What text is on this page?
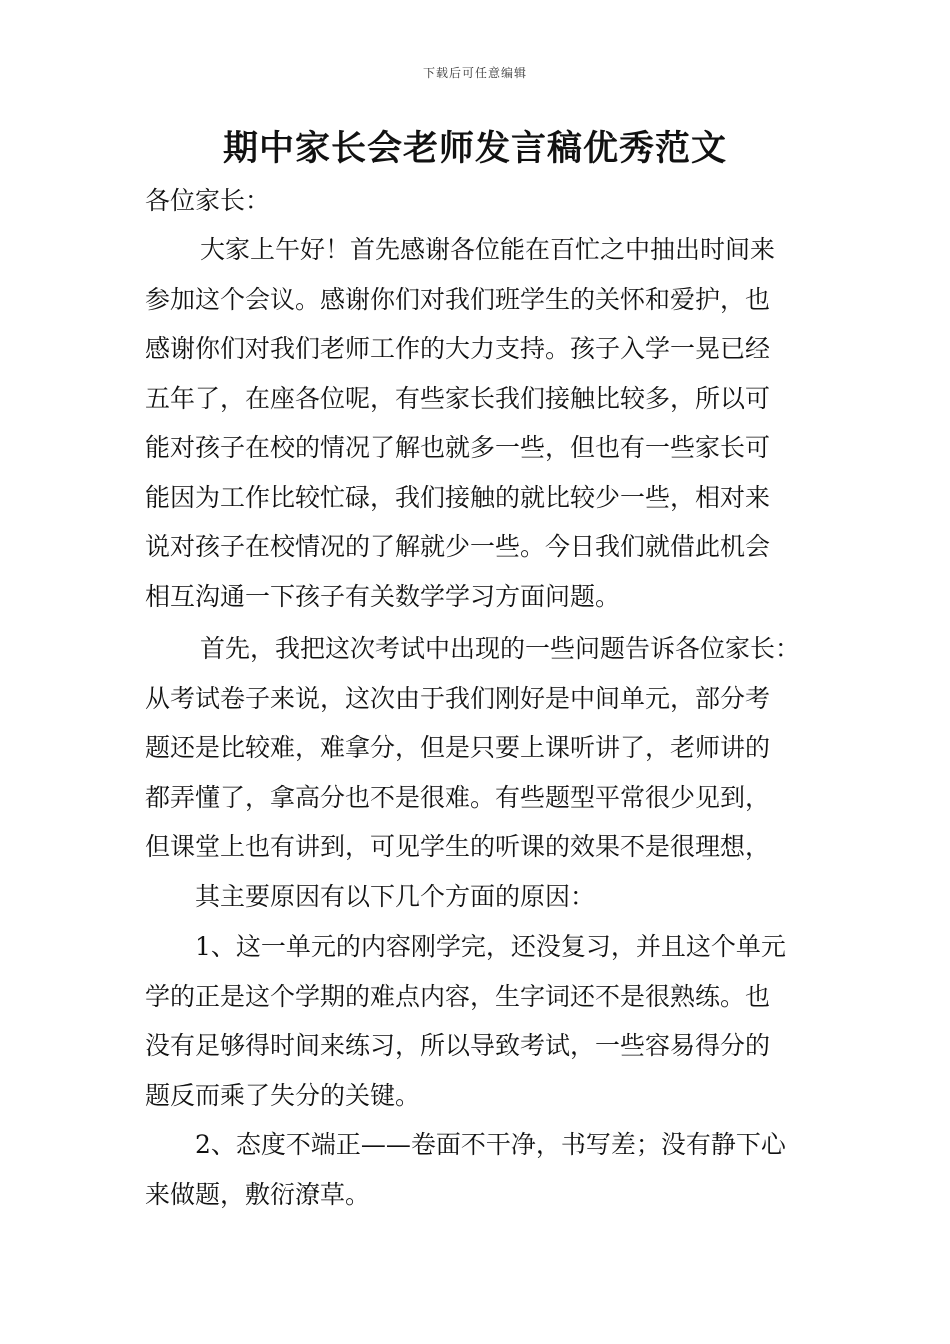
下载后可任意编辑
期中家长会老师发言稿优秀范文
各位家长：
大家上午好！首先感谢各位能在百忙之中抽出时间来
参加这个会议。感谢你们对我们班学生的关怀和爱护，也
感谢你们对我们老师工作的大力支持。孩子入学一晃已经
五年了，在座各位呢，有些家长我们接触比较多，所以可
能对孩子在校的情况了解也就多一些，但也有一些家长可
能因为工作比较忙碌，我们接触的就比较少一些，相对来
说对孩子在校情况的了解就少一些。今日我们就借此机会
相互沟通一下孩子有关数学学习方面问题。
首先，我把这次考试中出现的一些问题告诉各位家长：
从考试卷子来说，这次由于我们刚好是中间单元，部分考
题还是比较难，难拿分，但是只要上课听讲了，老师讲的
都弄懂了，拿高分也不是很难。有些题型平常很少见到，
但课堂上也有讲到，可见学生的听课的效果不是很理想，
其主要原因有以下几个方面的原因：
1、这一单元的内容刚学完，还没复习，并且这个单元
学的正是这个学期的难点内容，生字词还不是很熟练。也
没有足够得时间来练习，所以导致考试，一些容易得分的
题反而乘了失分的关键。
2、态度不端正——卷面不干净，书写差；没有静下心
来做题，敷衍潦草。
